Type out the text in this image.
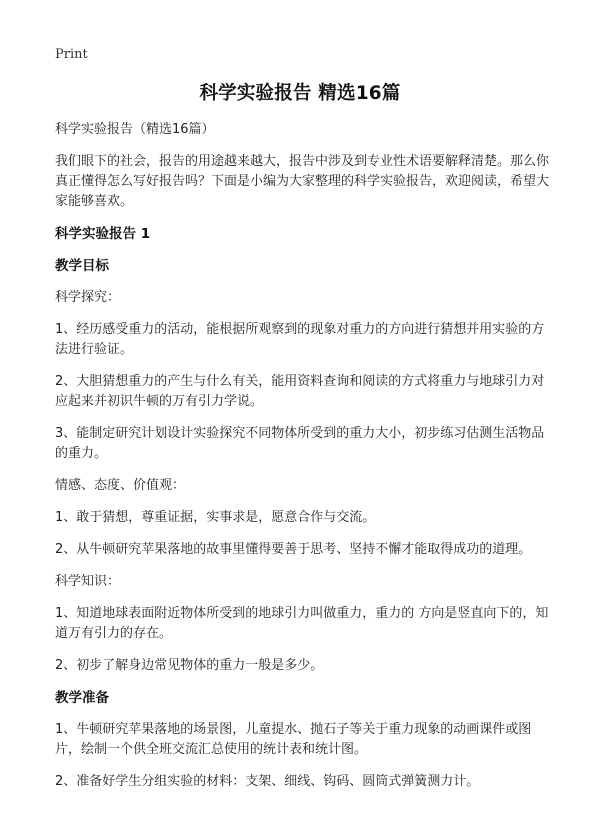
Print
科学实验报告 精选16篇
科学实验报告（精选16篇）
我们眼下的社会，报告的用途越来越大，报告中涉及到专业性术语要解释清楚。那么你真正懂得怎么写好报告吗？下面是小编为大家整理的科学实验报告，欢迎阅读，希望大家能够喜欢。
科学实验报告 1
教学目标
科学探究：
1、经历感受重力的活动，能根据所观察到的现象对重力的方向进行猜想并用实验的方法进行验证。
2、大胆猜想重力的产生与什么有关，能用资料查询和阅读的方式将重力与地球引力对应起来并初识牛顿的万有引力学说。
3、能制定研究计划设计实验探究不同物体所受到的重力大小，初步练习估测生活物品的重力。
情感、态度、价值观：
1、敢于猜想，尊重证据，实事求是，愿意合作与交流。
2、从牛顿研究苹果落地的故事里懂得要善于思考、坚持不懈才能取得成功的道理。
科学知识：
1、知道地球表面附近物体所受到的地球引力叫做重力，重力的 方向是竖直向下的，知道万有引力的存在。
2、初步了解身边常见物体的重力一般是多少。
教学准备
1、牛顿研究苹果落地的场景图，儿童提水、抛石子等关于重力现象的动画课件或图片，绘制一个供全班交流汇总使用的统计表和统计图。
2、准备好学生分组实验的材料：支架、细线、钩码、圆筒式弹簧测力计。
